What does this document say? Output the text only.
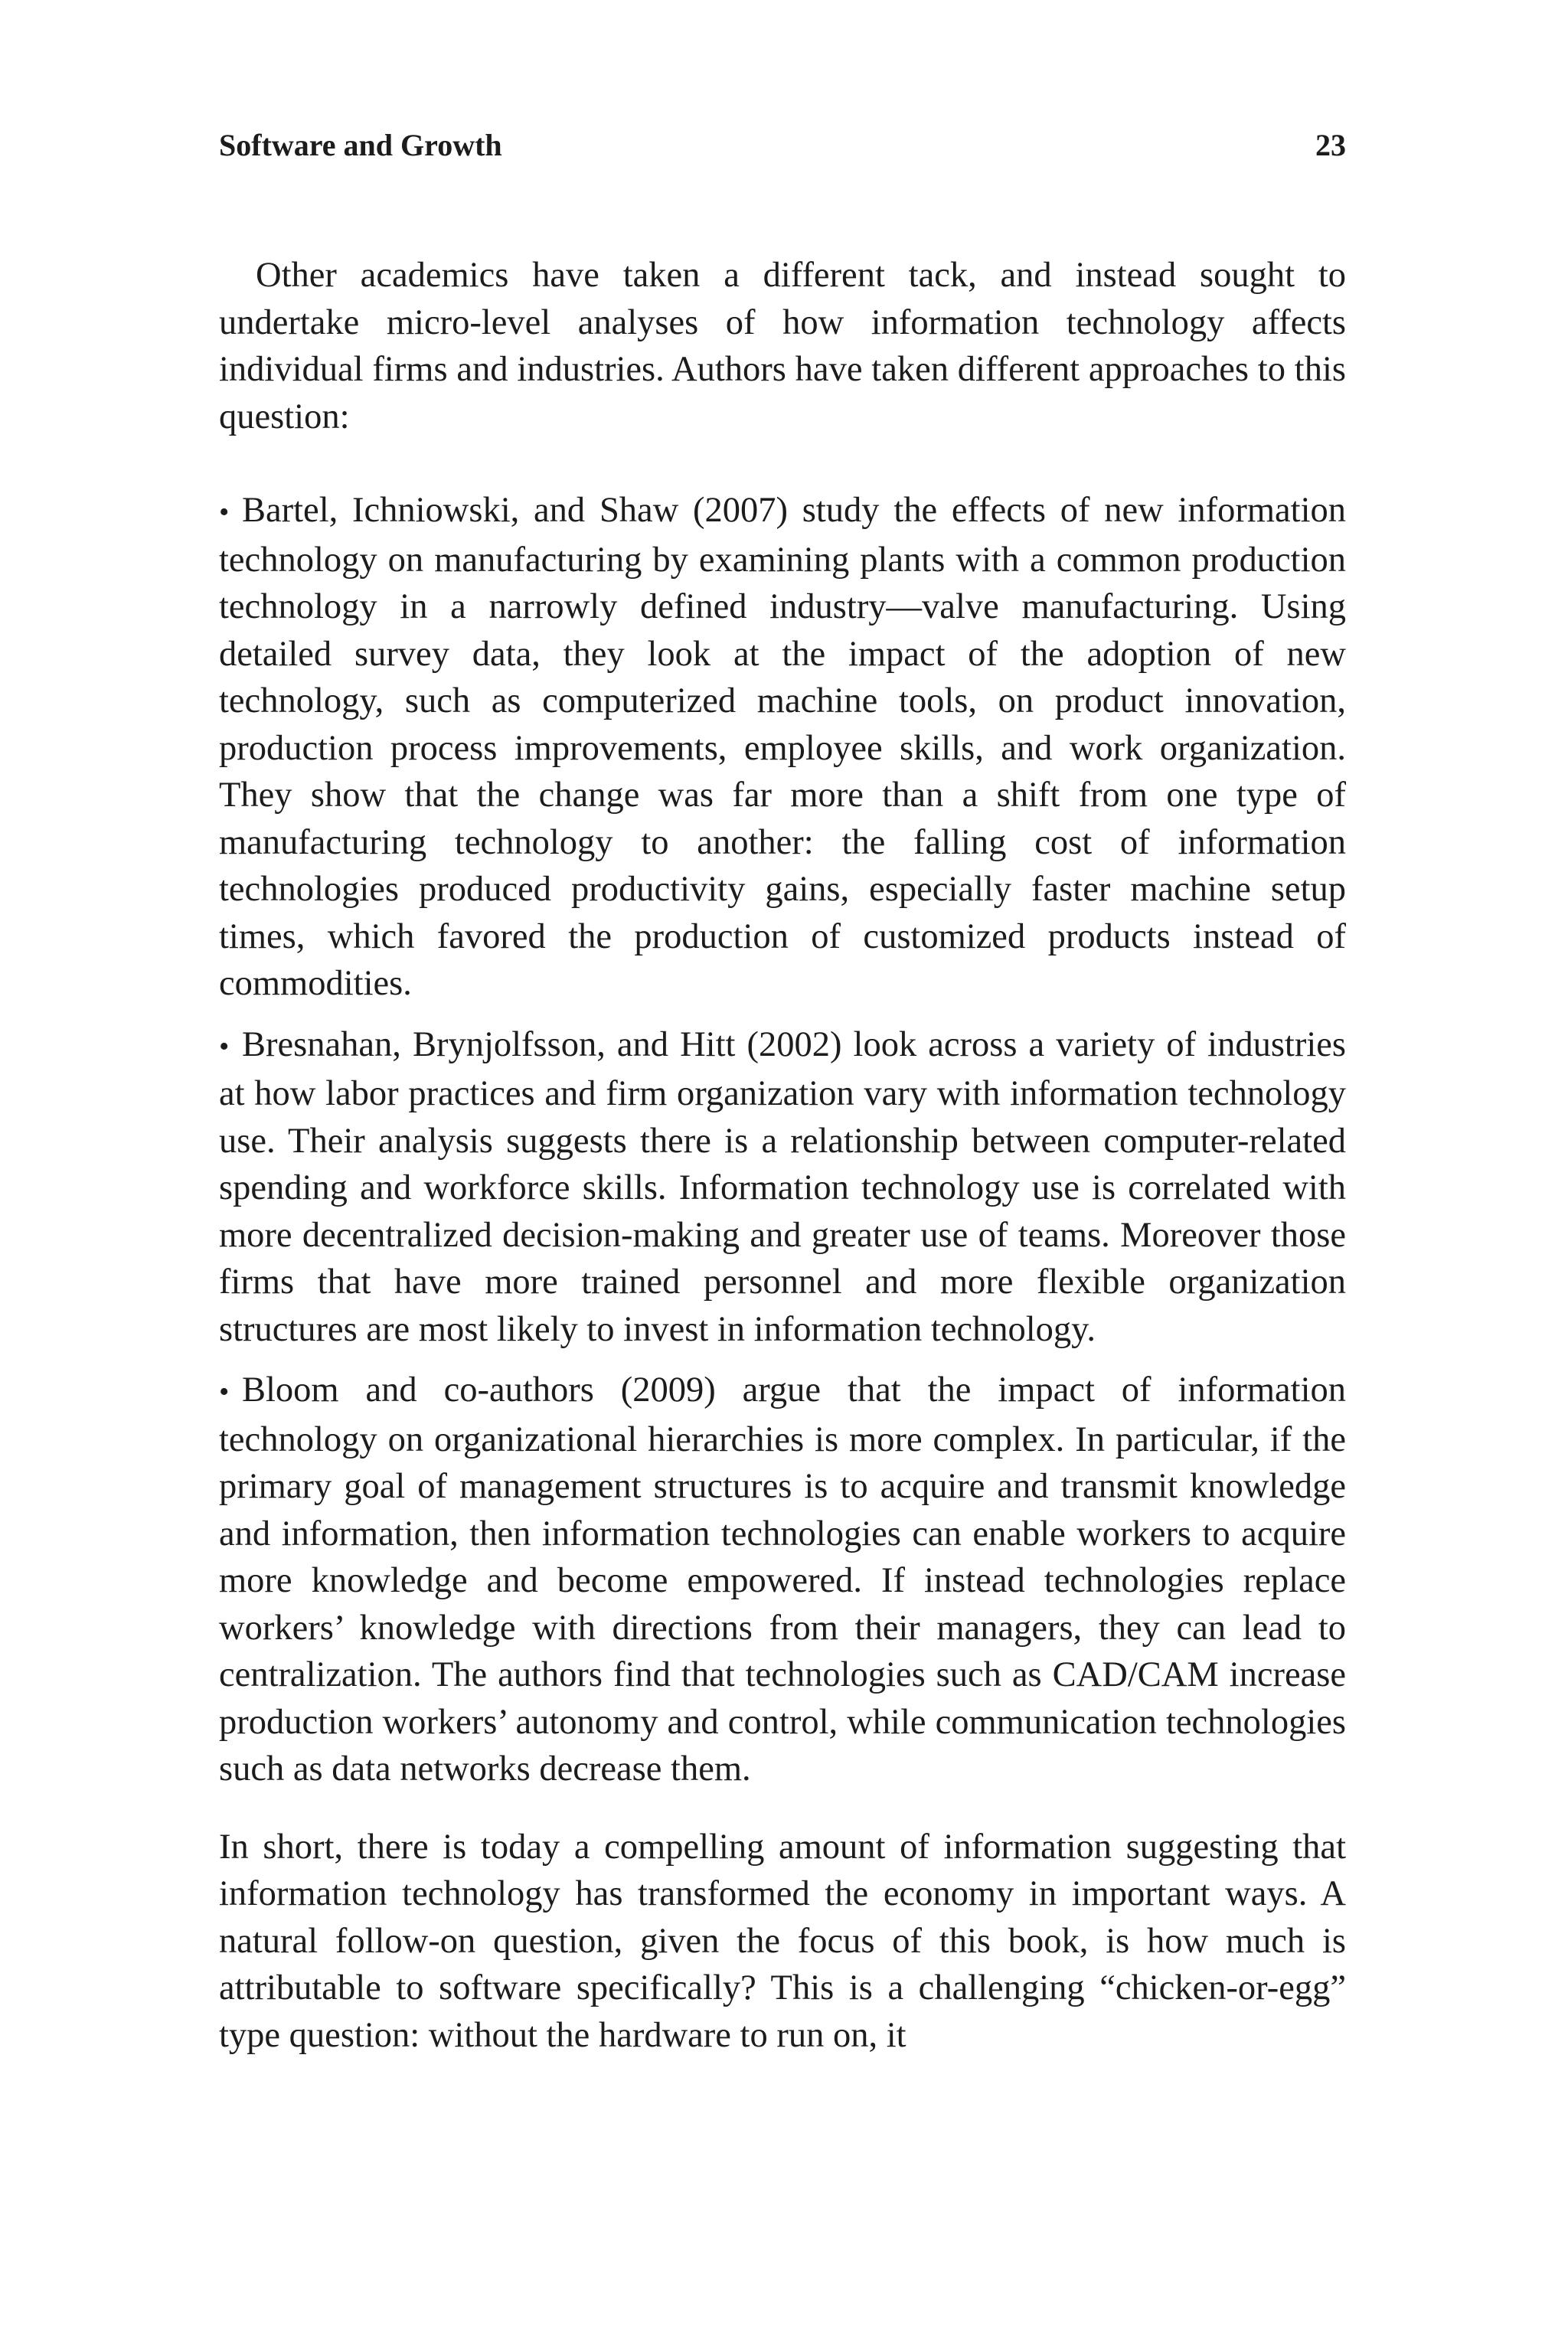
Software and Growth	23

Other academics have taken a different tack, and instead sought to undertake micro-level analyses of how information technology affects individual firms and industries. Authors have taken different approaches to this question:

• Bartel, Ichniowski, and Shaw (2007) study the effects of new information technology on manufacturing by examining plants with a common production technology in a narrowly defined industry—valve manufacturing. Using detailed survey data, they look at the impact of the adoption of new technology, such as computerized machine tools, on product innovation, production process improvements, employee skills, and work organization. They show that the change was far more than a shift from one type of manufacturing technology to another: the falling cost of information technologies produced productivity gains, especially faster machine setup times, which favored the production of customized products instead of commodities.
• Bresnahan, Brynjolfsson, and Hitt (2002) look across a variety of industries at how labor practices and firm organization vary with information technology use. Their analysis suggests there is a relationship between computer-related spending and workforce skills. Information technology use is correlated with more decentralized decision-making and greater use of teams. Moreover those firms that have more trained personnel and more flexible organization structures are most likely to invest in information technology.
• Bloom and co-authors (2009) argue that the impact of information technology on organizational hierarchies is more complex. In particular, if the primary goal of management structures is to acquire and transmit knowledge and information, then information technologies can enable workers to acquire more knowledge and become empowered. If instead technologies replace workers’ knowledge with directions from their managers, they can lead to centralization. The authors find that technologies such as CAD/CAM increase production workers’ autonomy and control, while communication technologies such as data networks decrease them.

In short, there is today a compelling amount of information suggesting that information technology has transformed the economy in important ways. A natural follow-on question, given the focus of this book, is how much is attributable to software specifically? This is a challenging “chicken-or-egg” type question: without the hardware to run on, it
